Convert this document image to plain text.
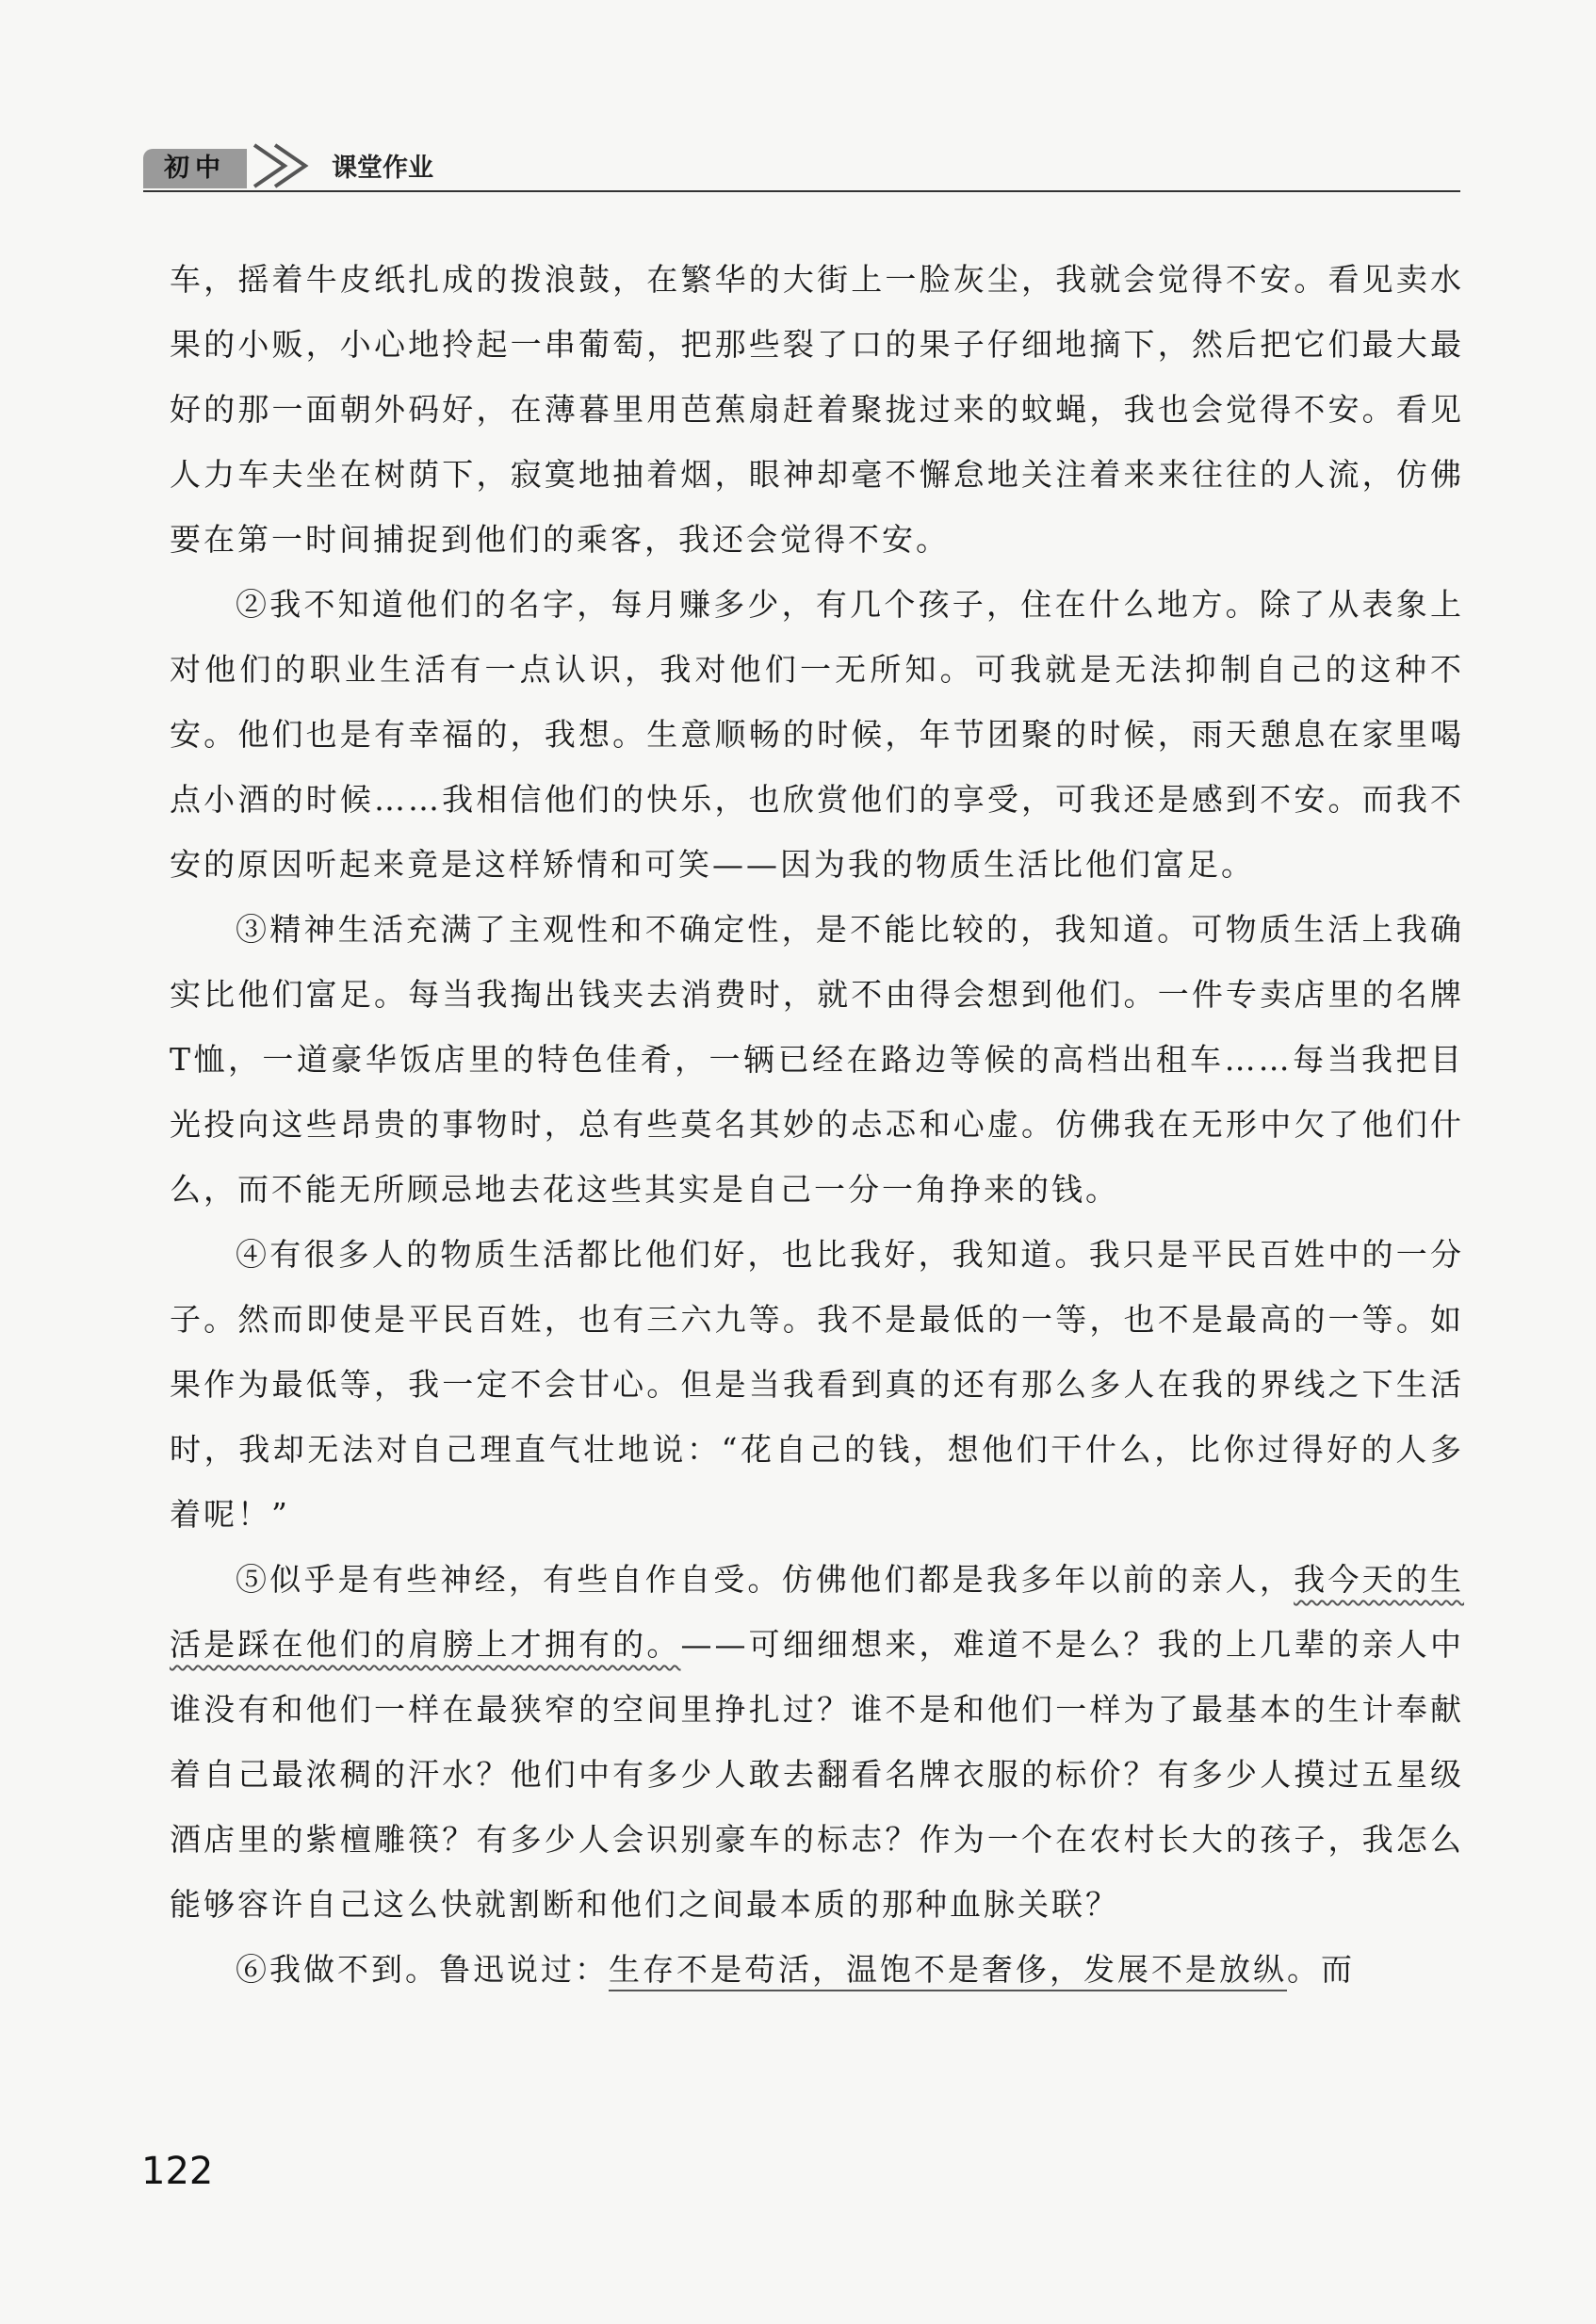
初中	课堂作业

车，摇着牛皮纸扎成的拨浪鼓，在繁华的大街上一脸灰尘，我就会觉得不安。看见卖水果的小贩，小心地拎起一串葡萄，把那些裂了口的果子仔细地摘下，然后把它们最大最好的那一面朝外码好，在薄暮里用芭蕉扇赶着聚拢过来的蚊蝇，我也会觉得不安。看见人力车夫坐在树荫下，寂寞地抽着烟，眼神却毫不懈怠地关注着来来往往的人流，仿佛要在第一时间捕捉到他们的乘客，我还会觉得不安。

②我不知道他们的名字，每月赚多少，有几个孩子，住在什么地方。除了从表象上对他们的职业生活有一点认识，我对他们一无所知。可我就是无法抑制自己的这种不安。他们也是有幸福的，我想。生意顺畅的时候，年节团聚的时候，雨天憩息在家里喝点小酒的时候……我相信他们的快乐，也欣赏他们的享受，可我还是感到不安。而我不安的原因听起来竟是这样矫情和可笑——因为我的物质生活比他们富足。

③精神生活充满了主观性和不确定性，是不能比较的，我知道。可物质生活上我确实比他们富足。每当我掏出钱夹去消费时，就不由得会想到他们。一件专卖店里的名牌T恤，一道豪华饭店里的特色佳肴，一辆已经在路边等候的高档出租车……每当我把目光投向这些昂贵的事物时，总有些莫名其妙的忐忑和心虚。仿佛我在无形中欠了他们什么，而不能无所顾忌地去花这些其实是自己一分一角挣来的钱。

④有很多人的物质生活都比他们好，也比我好，我知道。我只是平民百姓中的一分子。然而即使是平民百姓，也有三六九等。我不是最低的一等，也不是最高的一等。如果作为最低等，我一定不会甘心。但是当我看到真的还有那么多人在我的界线之下生活时，我却无法对自己理直气壮地说：“花自己的钱，想他们干什么，比你过得好的人多着呢！”

⑤似乎是有些神经，有些自作自受。仿佛他们都是我多年以前的亲人，我今天的生活是踩在他们的肩膀上才拥有的。——可细细想来，难道不是么？我的上几辈的亲人中谁没有和他们一样在最狭窄的空间里挣扎过？谁不是和他们一样为了最基本的生计奉献着自己最浓稠的汗水？他们中有多少人敢去翻看名牌衣服的标价？有多少人摸过五星级酒店里的紫檀雕筷？有多少人会识别豪车的标志？作为一个在农村长大的孩子，我怎么能够容许自己这么快就割断和他们之间最本质的那种血脉关联？

⑥我做不到。鲁迅说过：生存不是苟活，温饱不是奢侈，发展不是放纵。而

122
